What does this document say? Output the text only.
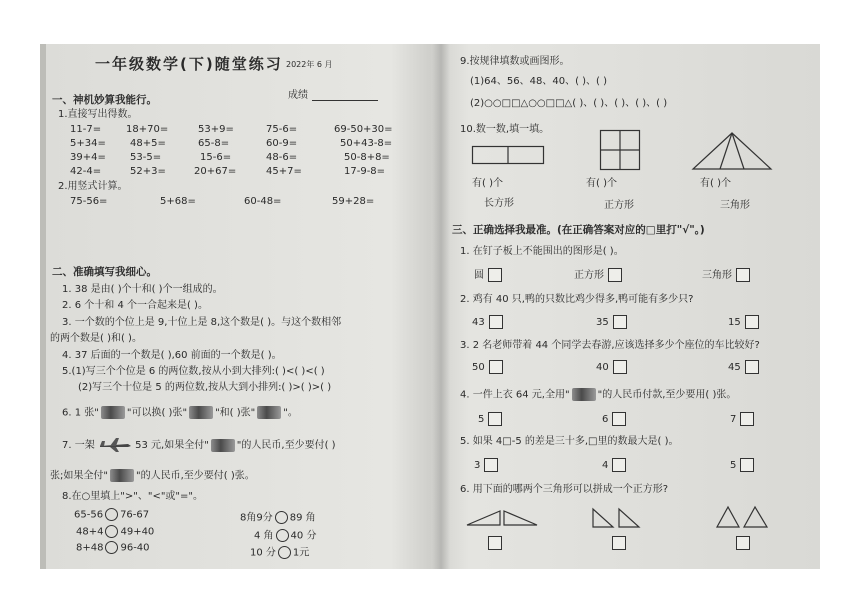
一年级数学(下)随堂练习 2022年 6 月
一、神机妙算我能行。	成绩
1.直接写出得数。
11-7= 18+70=	53+9=	75-6=	69-50+30=
5+34= 48+5=	65-8=	60-9=	50+43-8=
39+4= 53-5=	15-6=	48-6=	50-8+8=
42-4=	52+3=	20+67=	45+7=	17-9-8=
2.用竖式计算。
75-56=	5+68=	60-48=	59+28=
二、准确填写我细心。
1. 38 是由( )个十和( )个一组成的。
2. 6 个十和 4 个一合起来是( )。
3. 一个数的个位上是 9,十位上是 8,这个数是( )。与这个数相邻
的两个数是( )和( )。
4. 37 后面的一个数是( ),60 前面的一个数是( )。
5.(1)写三个个位是 6 的两位数,按从小到大排列:( )<( )<( )
(2)写三个十位是 5 的两位数,按从大到小排列:( )>( )>( )
6. 1 张"	"可以换( )张"	"和( )张"	"。
7. 一架	53 元,如果全付"	"的人民币,至少要付( )
张;如果全付"	"的人民币,至少要付( )张。
8.在○里填上">"、"<"或"="。
65-56 76-67
48+4 49+40
8+48 96-40
8角9分 89 角
4 角 40 分
10 分 1元
9.按规律填数或画图形。
(1)64、56、48、40、( )、( )
(2)○○□□△○○□□△( )、( )、( )、( )、( )
10.数一数,填一填。
有( )个	有( )个	有( )个
长方形	正方形	三角形
三、正确选择我最准。(在正确答案对应的□里打"√"。)
1. 在钉子板上不能围出的图形是( )。
圆	正方形	三角形
2. 鸡有 40 只,鸭的只数比鸡少得多,鸭可能有多少只?
43	35	15
3. 2 名老师带着 44 个同学去春游,应该选择多少个座位的车比较好?
50	40	45
4. 一件上衣 64 元,全用"	"的人民币付款,至少要用( )张。
5	6	7
5. 如果 4□-5 的差是三十多,□里的数最大是( )。
3	4	5
6. 用下面的哪两个三角形可以拼成一个正方形?
